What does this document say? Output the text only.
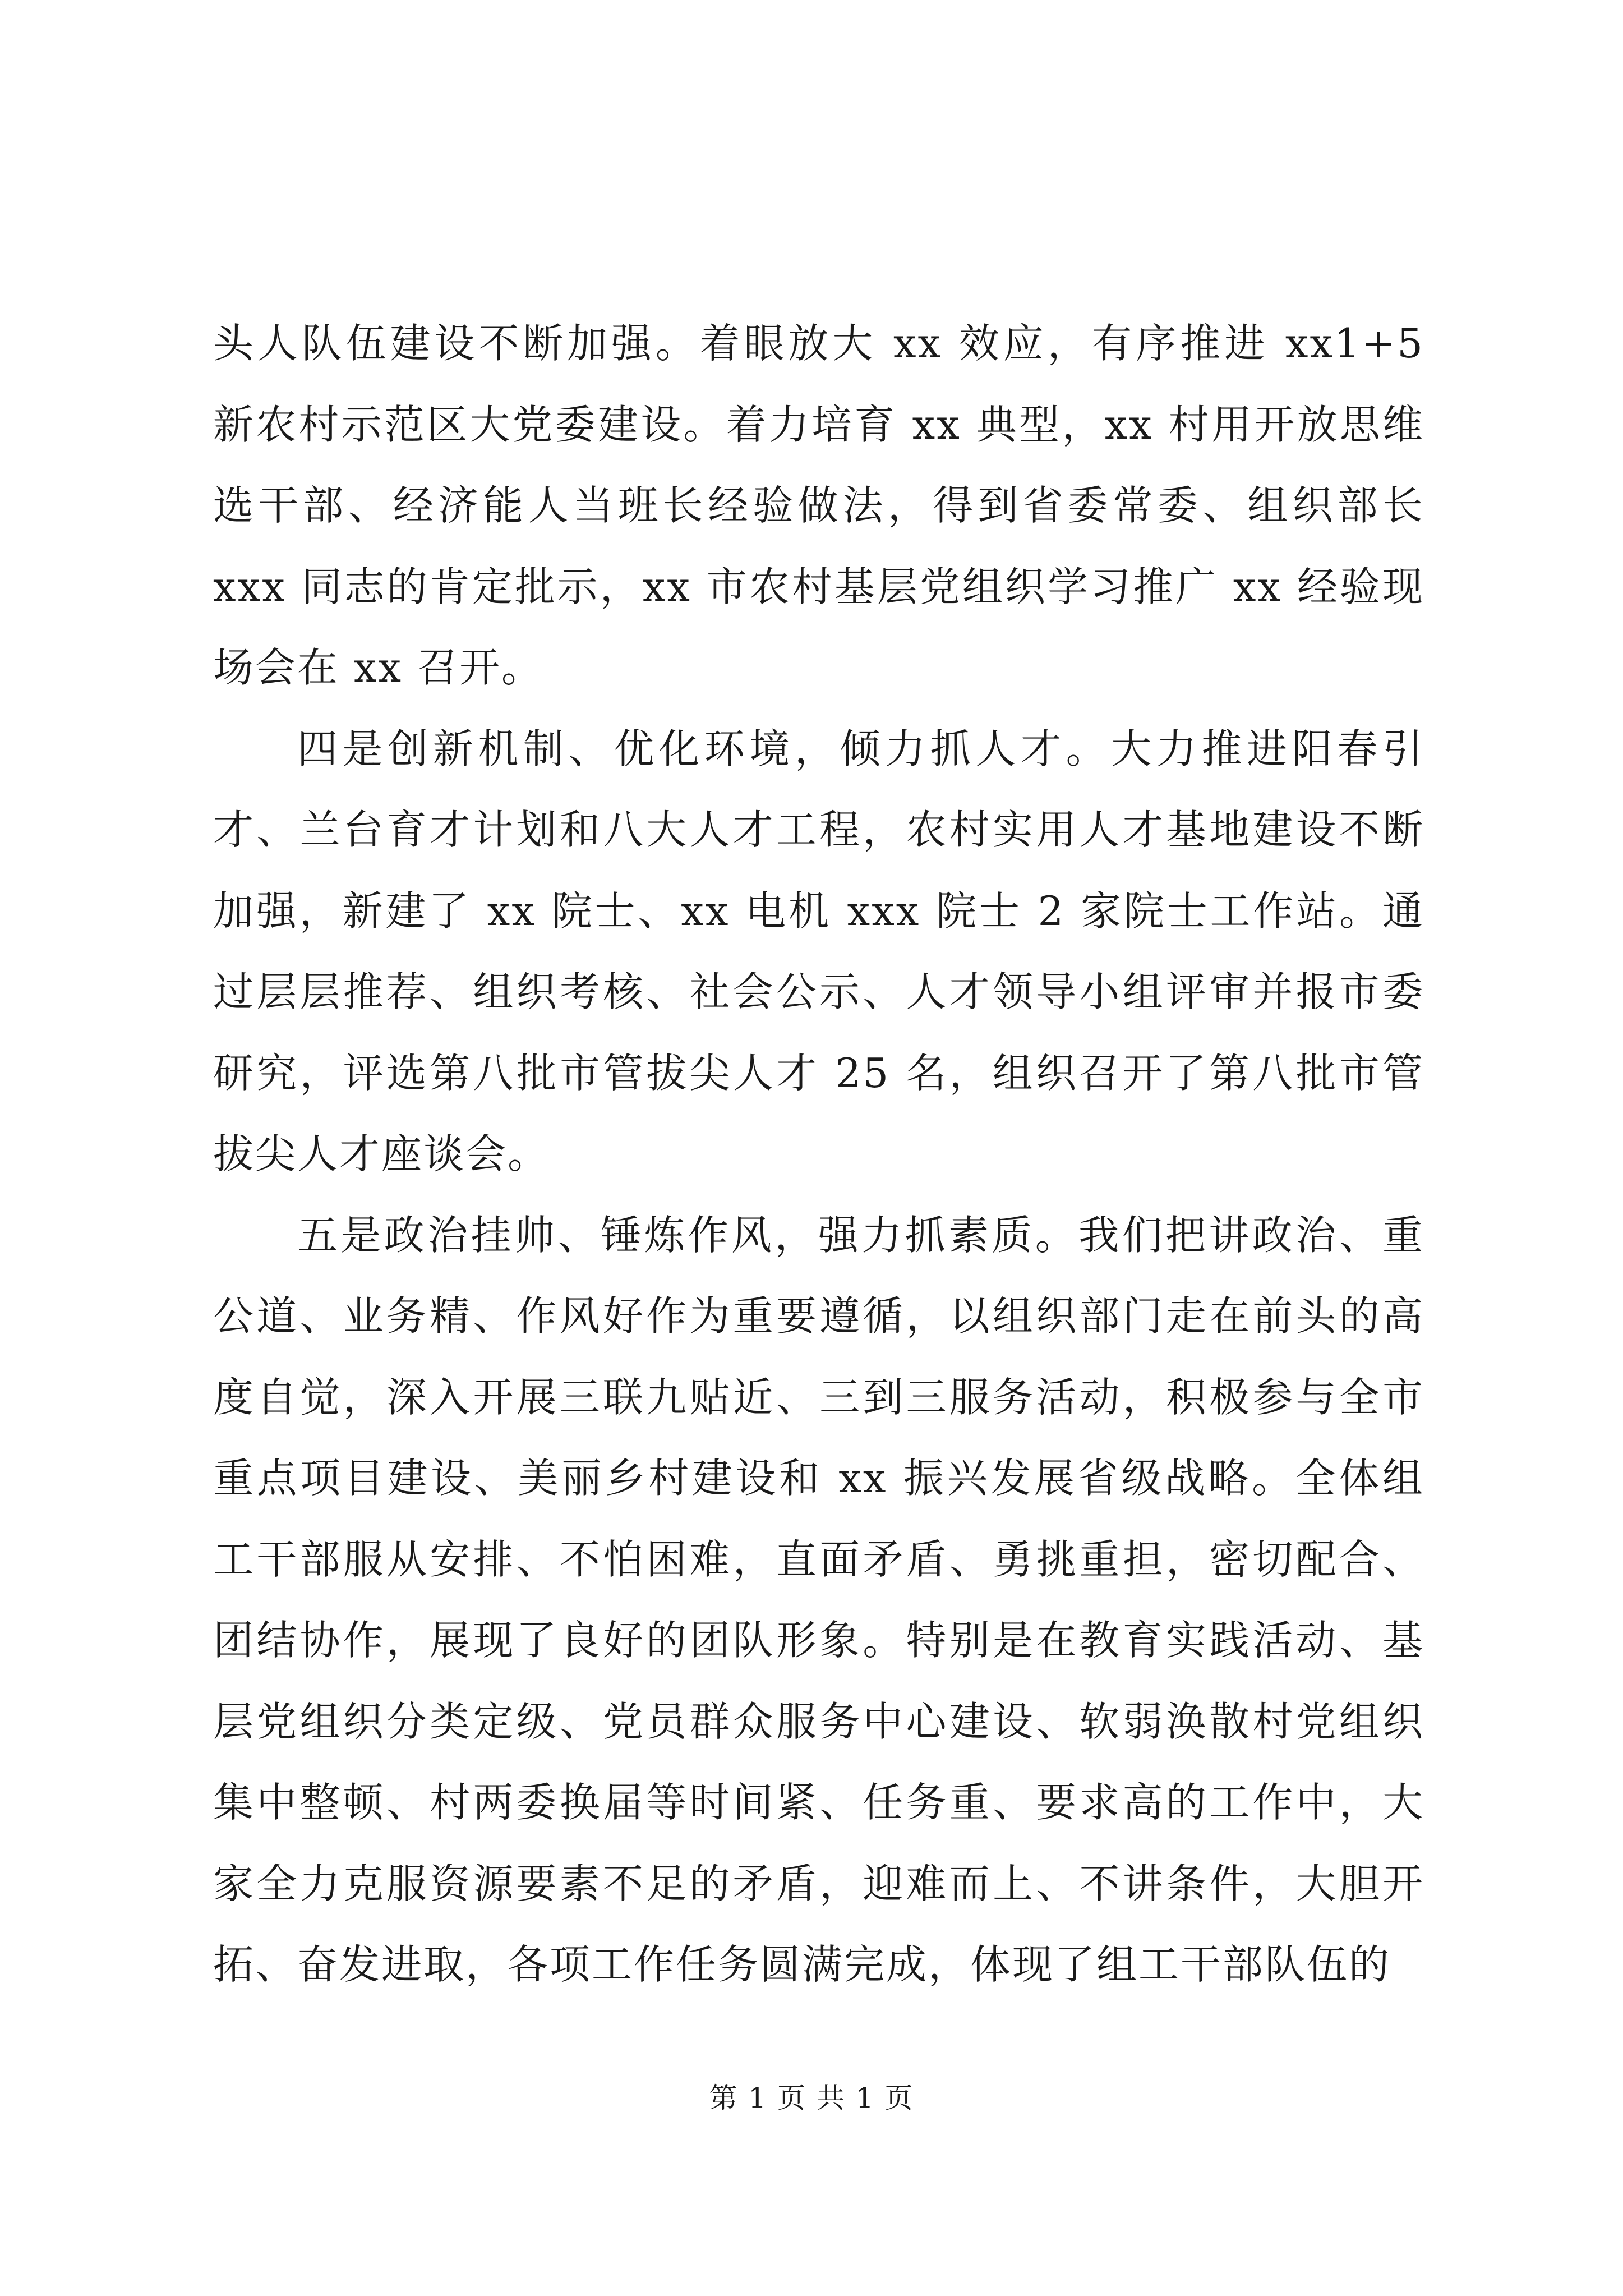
头人队伍建设不断加强。着眼放大 xx 效应，有序推进 xx1+5 新农村示范区大党委建设。着力培育 xx 典型，xx 村用开放思维选干部、经济能人当班长经验做法，得到省委常委、组织部长 xxx 同志的肯定批示，xx 市农村基层党组织学习推广 xx 经验现场会在 xx 召开。

四是创新机制、优化环境，倾力抓人才。大力推进阳春引才、兰台育才计划和八大人才工程，农村实用人才基地建设不断加强，新建了 xx 院士、xx 电机 xxx 院士 2 家院士工作站。通过层层推荐、组织考核、社会公示、人才领导小组评审并报市委研究，评选第八批市管拔尖人才 25 名，组织召开了第八批市管拔尖人才座谈会。

五是政治挂帅、锤炼作风，强力抓素质。我们把讲政治、重公道、业务精、作风好作为重要遵循，以组织部门走在前头的高度自觉，深入开展三联九贴近、三到三服务活动，积极参与全市重点项目建设、美丽乡村建设和 xx 振兴发展省级战略。全体组工干部服从安排、不怕困难，直面矛盾、勇挑重担，密切配合、团结协作，展现了良好的团队形象。特别是在教育实践活动、基层党组织分类定级、党员群众服务中心建设、软弱涣散村党组织集中整顿、村两委换届等时间紧、任务重、要求高的工作中，大家全力克服资源要素不足的矛盾，迎难而上、不讲条件，大胆开拓、奋发进取，各项工作任务圆满完成，体现了组工干部队伍的

第 1 页 共 1 页
